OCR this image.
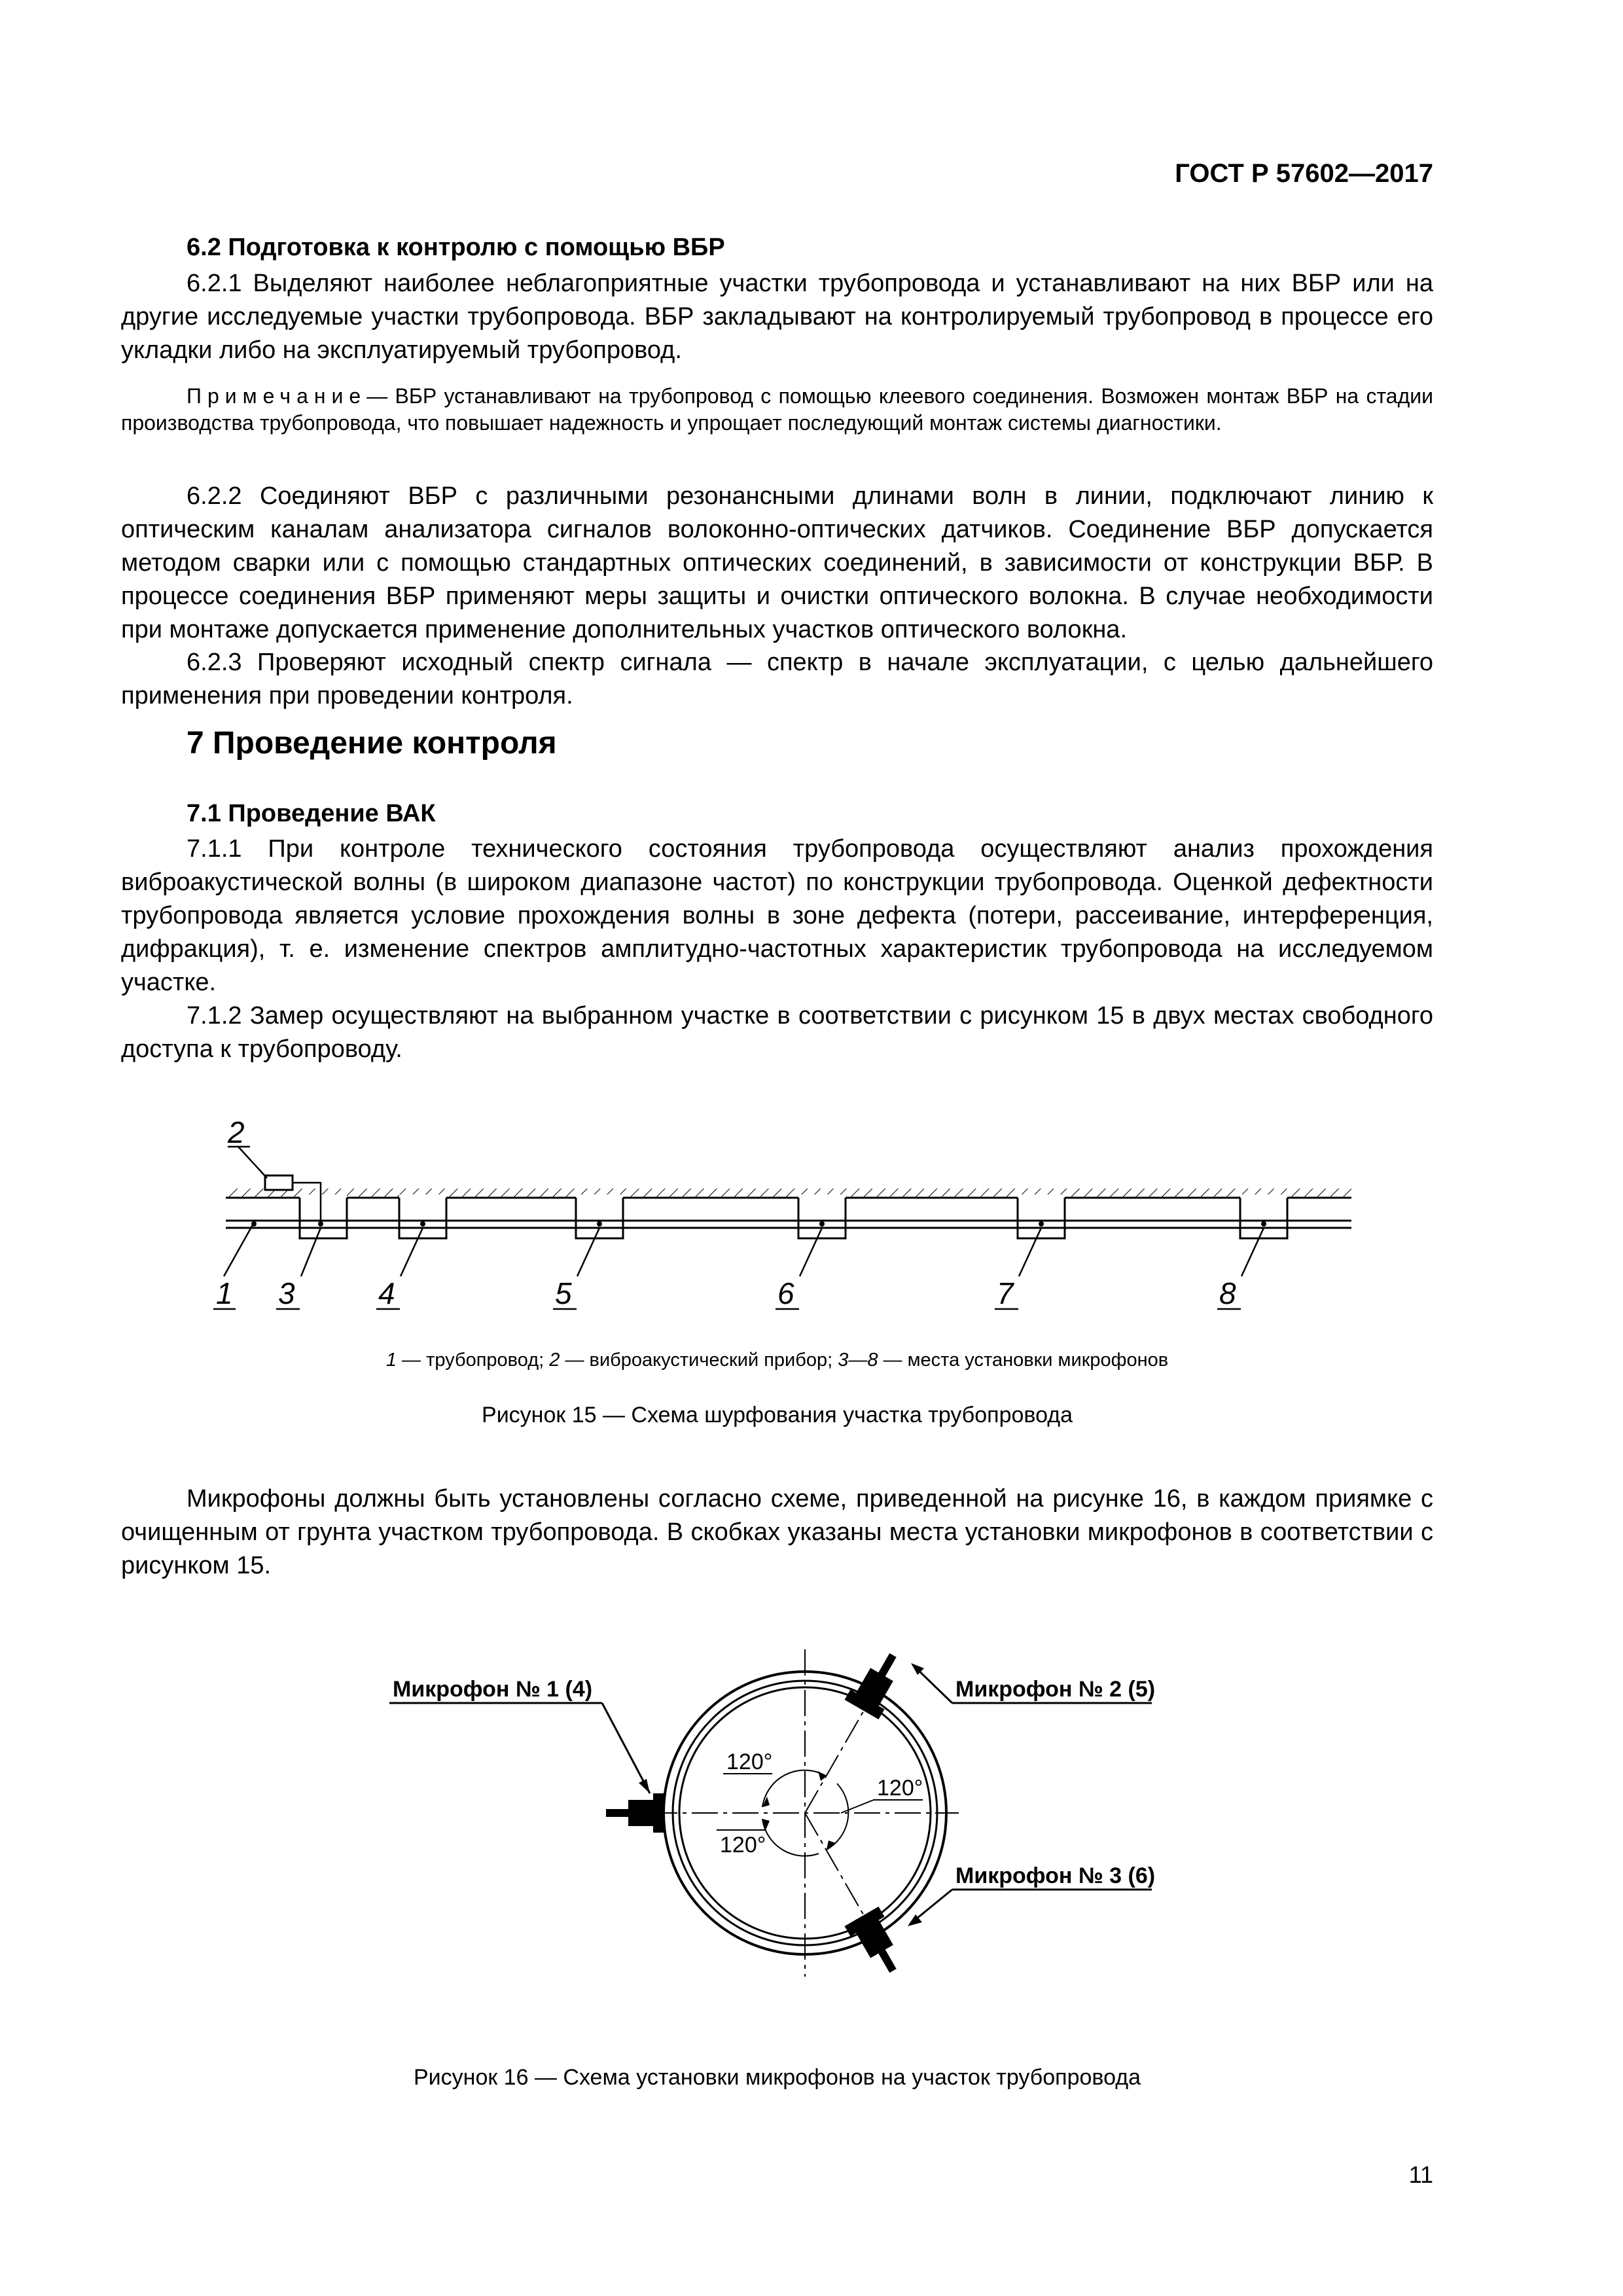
ГОСТ Р 57602—2017
6.2 Подготовка к контролю с помощью ВБР

6.2.1 Выделяют наиболее неблагоприятные участки трубопровода и устанавливают на них ВБР или на другие исследуемые участки трубопровода. ВБР закладывают на контролируемый трубопровод в процессе его укладки либо на эксплуатируемый трубопровод.

Примечание— ВБР устанавливают на трубопровод с помощью клеевого соединения. Возможен монтаж ВБР на стадии производства трубопровода, что повышает надежность и упрощает последующий монтаж системы диагностики.

6.2.2 Соединяют ВБР с различными резонансными длинами волн в линии, подключают линию к оптическим каналам анализатора сигналов волоконно-оптических датчиков. Соединение ВБР допускается методом сварки или с помощью стандартных оптических соединений, в зависимости от конструкции ВБР. В процессе соединения ВБР применяют меры защиты и очистки оптического волокна. В случае необходимости при монтаже допускается применение дополнительных участков оптического волокна.

6.2.3 Проверяют исходный спектр сигнала — спектр в начале эксплуатации, с целью дальнейшего применения при проведении контроля.

7 Проведение контроля
7.1 Проведение ВАК

7.1.1 При контроле технического состояния трубопровода осуществляют анализ прохождения виброакустической волны (в широком диапазоне частот) по конструкции трубопровода. Оценкой дефектности трубопровода является условие прохождения волны в зоне дефекта (потери, рассеивание, интерференция, дифракция), т. е. изменение спектров амплитудно-частотных характеристик трубопровода на исследуемом участке.

7.1.2 Замер осуществляют на выбранном участке в соответствии с рисунком 15 в двух местах свободного доступа к трубопроводу.

2
1 3	4	5	6	7	8
1 — трубопровод; 2 — виброакустический прибор; 3—8 — места установки микрофонов
Рисунок 15 — Схема шурфования участка трубопровода

Микрофоны должны быть установлены согласно схеме, приведенной на рисунке 16, в каждом приямке с очищенным от грунта участком трубопровода. В скобках указаны места установки микрофонов в соответствии с рисунком 15.

120°
120°
120°
Микрофон № 1 (4)	Микрофон № 2 (5)
Микрофон № 3 (6)
Рисунок 16 — Схема установки микрофонов на участок трубопровода
11
